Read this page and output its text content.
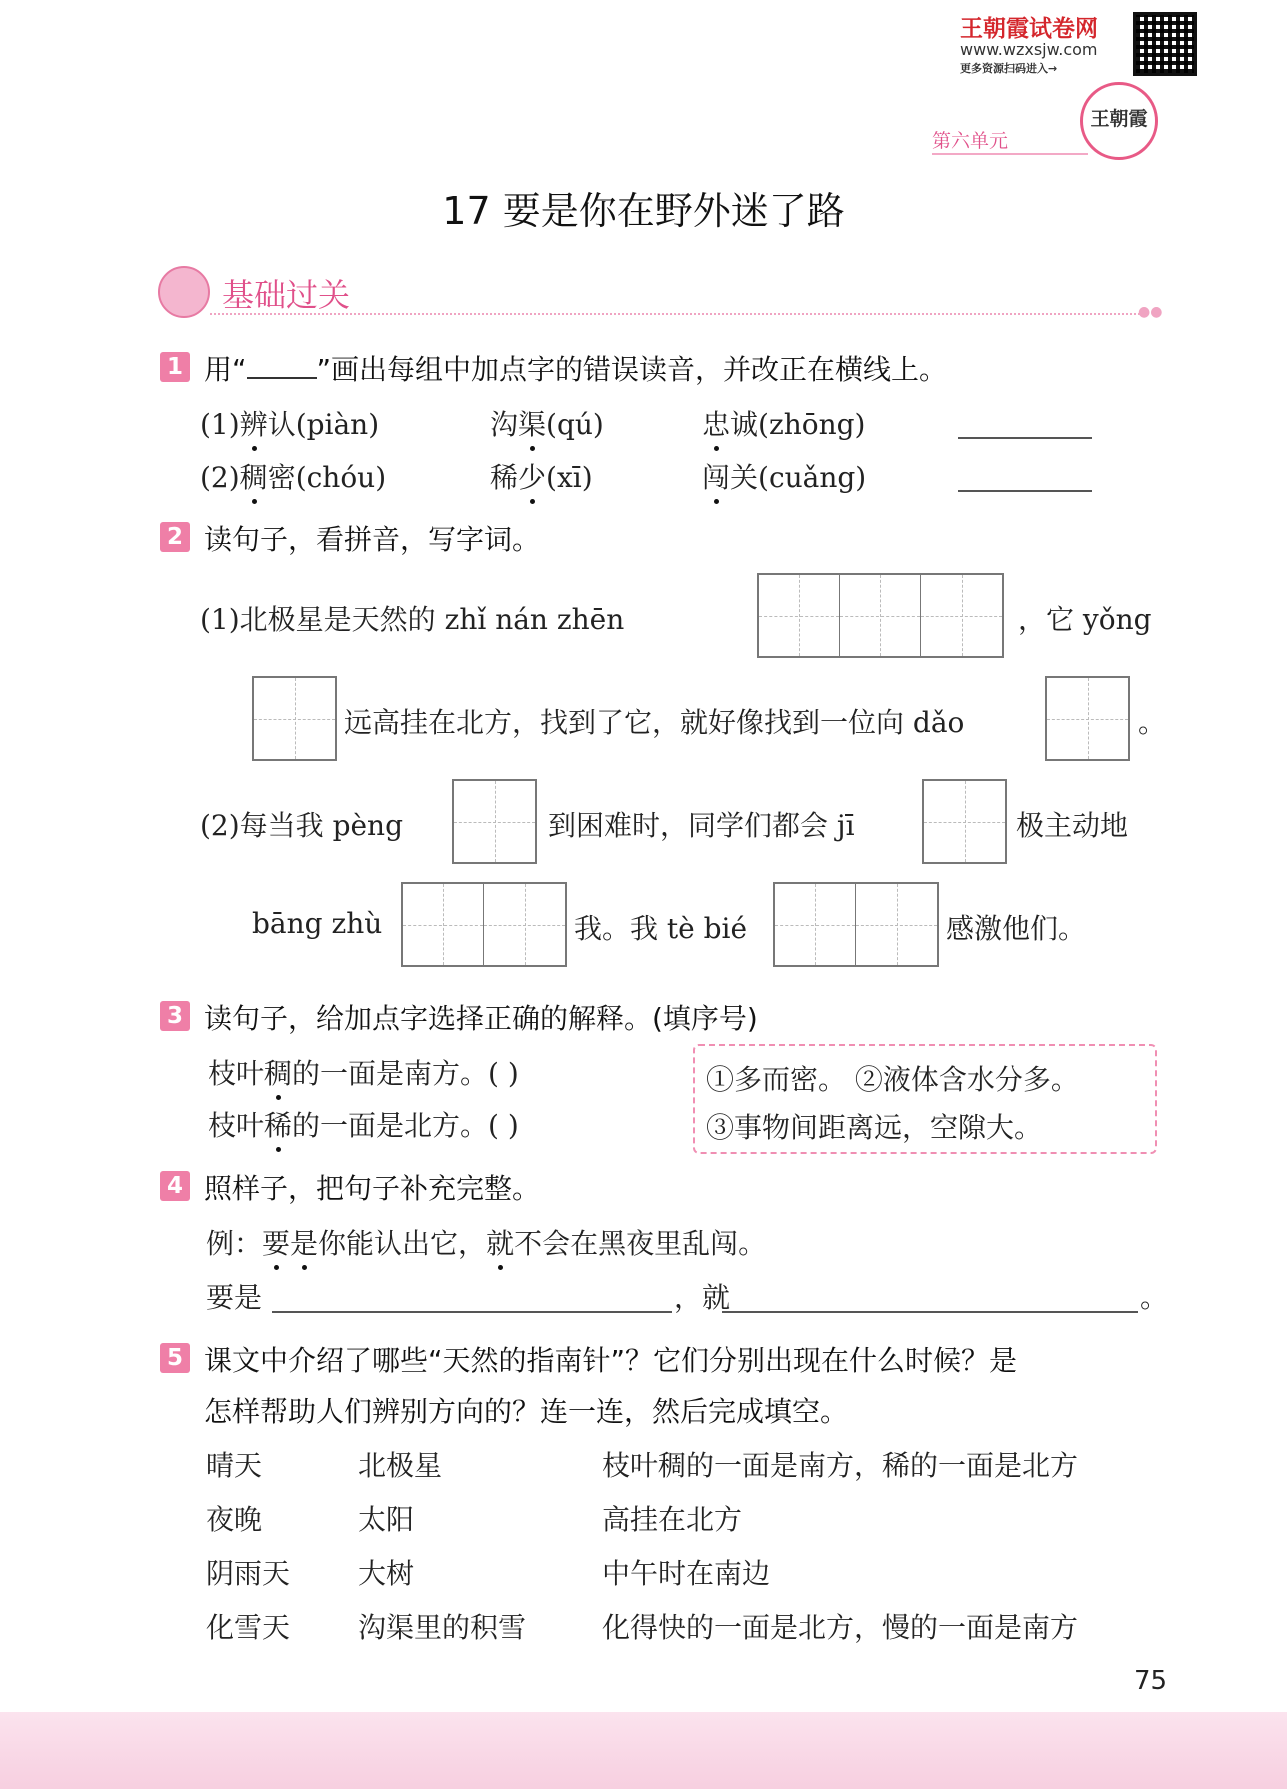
王朝霞试卷网
www.wzxsjw.com
更多资源扫码进入→
王朝霞
第六单元
17 要是你在野外迷了路
基础过关	●●
1 用“	”画出每组中加点字的错误读音，并改正在横线上。
(1)辨认(piàn)	沟渠(qú)	忠诚(zhōng)
(2)稠密(chóu)	稀少(xī)	闯关(cuǎng)
2 读句子，看拼音，写字词。
(1)北极星是天然的 zhǐ nán zhēn	，它 yǒng
远高挂在北方，找到了它，就好像找到一位向 dǎo	。
(2)每当我 pèng	到困难时，同学们都会 jī	极主动地
bāng zhù	我。我 tè bié	感激他们。
3 读句子，给加点字选择正确的解释。(填序号)
枝叶稠的一面是南方。( )
枝叶稀的一面是北方。( )
①多而密。 ②液体含水分多。
③事物间距离远，空隙大。
4 照样子，把句子补充完整。
例：要是你能认出它，就不会在黑夜里乱闯。
要是	，就	。
5 课文中介绍了哪些“天然的指南针”？它们分别出现在什么时候？是
怎样帮助人们辨别方向的？连一连，然后完成填空。
晴天	北极星	枝叶稠的一面是南方，稀的一面是北方
夜晚	太阳	高挂在北方
阴雨天 大树	中午时在南边
化雪天 沟渠里的积雪	化得快的一面是北方，慢的一面是南方
75
